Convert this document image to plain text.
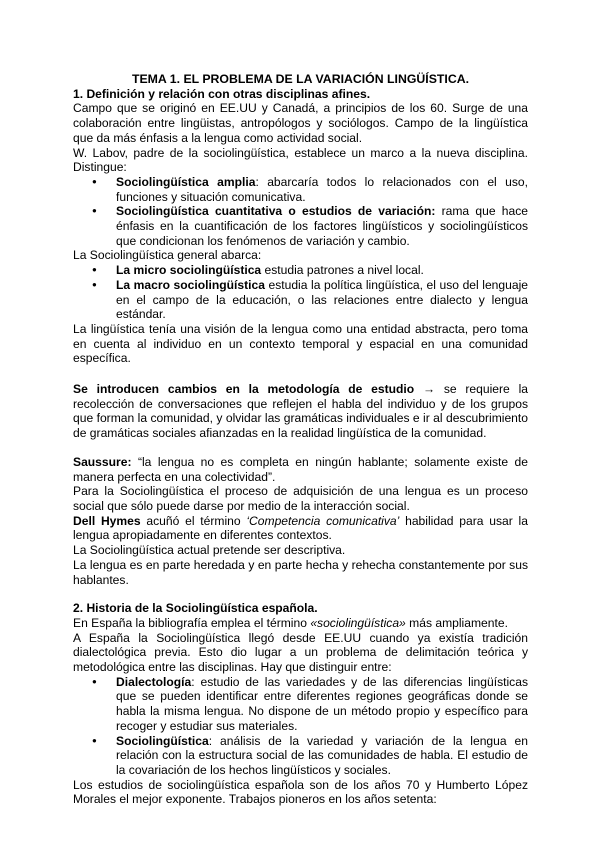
TEMA 1. EL PROBLEMA DE LA VARIACIÓN LINGÜÍSTICA.

1. Definición y relación con otras disciplinas afines.

Campo que se originó en EE.UU y Canadá, a principios de los 60. Surge de una colaboración entre lingüistas, antropólogos y sociólogos. Campo de la lingüística que da más énfasis a la lengua como actividad social.

W. Labov, padre de la sociolingüística, establece un marco a la nueva disciplina. Distingue:

● Sociolingüística amplia: abarcaría todos lo relacionados con el uso, funciones y situación comunicativa.
● Sociolingüística cuantitativa o estudios de variación: rama que hace énfasis en la cuantificación de los factores lingüísticos y sociolingüísticos que condicionan los fenómenos de variación y cambio.

La Sociolingüística general abarca:

● La micro sociolingüística estudia patrones a nivel local.
● La macro sociolingüística estudia la política lingüística, el uso del lenguaje en el campo de la educación, o las relaciones entre dialecto y lengua estándar.

La lingüística tenía una visión de la lengua como una entidad abstracta, pero toma en cuenta al individuo en un contexto temporal y espacial en una comunidad específica.

Se introducen cambios en la metodología de estudio → se requiere la recolección de conversaciones que reflejen el habla del individuo y de los grupos que forman la comunidad, y olvidar las gramáticas individuales e ir al descubrimiento de gramáticas sociales afianzadas en la realidad lingüística de la comunidad.

Saussure: “la lengua no es completa en ningún hablante; solamente existe de manera perfecta en una colectividad”.

Para la Sociolingüística el proceso de adquisición de una lengua es un proceso social que sólo puede darse por medio de la interacción social.

Dell Hymes acuñó el término ‘Competencia comunicativa’ habilidad para usar la lengua apropiadamente en diferentes contextos.

La Sociolingüística actual pretende ser descriptiva.

La lengua es en parte heredada y en parte hecha y rehecha constantemente por sus hablantes.

2. Historia de la Sociolingüística española.

En España la bibliografía emplea el término «sociolingüística» más ampliamente.

A España la Sociolingüística llegó desde EE.UU cuando ya existía tradición dialectológica previa. Esto dio lugar a un problema de delimitación teórica y metodológica entre las disciplinas. Hay que distinguir entre:

● Dialectología: estudio de las variedades y de las diferencias lingüísticas que se pueden identificar entre diferentes regiones geográficas donde se habla la misma lengua. No dispone de un método propio y específico para recoger y estudiar sus materiales.
● Sociolingüística: análisis de la variedad y variación de la lengua en relación con la estructura social de las comunidades de habla. El estudio de la covariación de los hechos lingüísticos y sociales.

Los estudios de sociolingüística española son de los años 70 y Humberto López Morales el mejor exponente. Trabajos pioneros en los años setenta:
